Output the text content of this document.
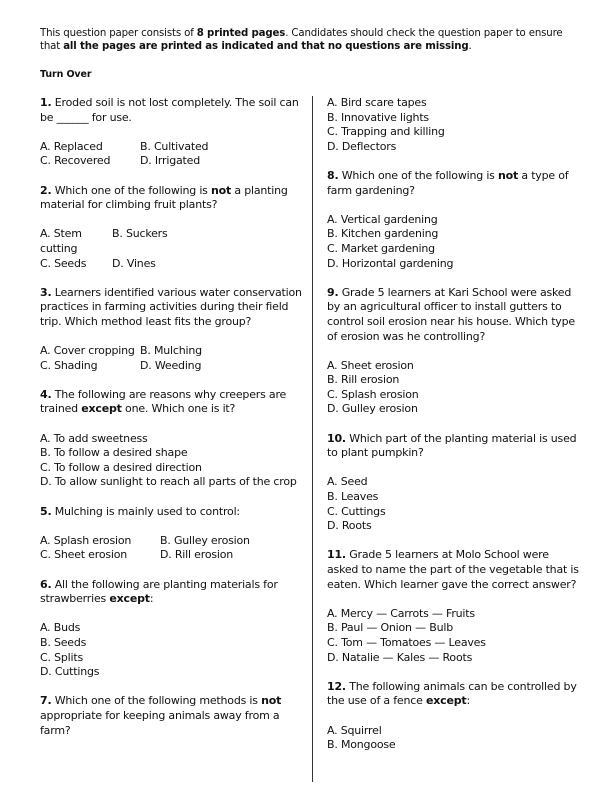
This question paper consists of 8 printed pages. Candidates should check the question paper to ensure that all the pages are printed as indicated and that no questions are missing.
Turn Over
1. Eroded soil is not lost completely. The soil can be ______ for use.
A. Replaced	B. Cultivated
C. Recovered	D. Irrigated
2. Which one of the following is not a planting material for climbing fruit plants?
A. Stem cutting
B. Suckers
C. Seeds	D. Vines
3. Learners identified various water conservation practices in farming activities during their field trip. Which method least fits the group?
A. Cover cropping B. Mulching
C. Shading	D. Weeding
4. The following are reasons why creepers are trained except one. Which one is it?
A. To add sweetness
B. To follow a desired shape
C. To follow a desired direction
D. To allow sunlight to reach all parts of the crop
5. Mulching is mainly used to control:
A. Splash erosion	B. Gulley erosion
C. Sheet erosion	D. Rill erosion
6. All the following are planting materials for strawberries except:
A. Buds
B. Seeds
C. Splits
D. Cuttings
7. Which one of the following methods is not appropriate for keeping animals away from a farm?
A. Bird scare tapes
B. Innovative lights
C. Trapping and killing
D. Deflectors
8. Which one of the following is not a type of farm gardening?
A. Vertical gardening
B. Kitchen gardening
C. Market gardening
D. Horizontal gardening
9. Grade 5 learners at Kari School were asked by an agricultural officer to install gutters to control soil erosion near his house. Which type of erosion was he controlling?
A. Sheet erosion
B. Rill erosion
C. Splash erosion
D. Gulley erosion
10. Which part of the planting material is used to plant pumpkin?
A. Seed
B. Leaves
C. Cuttings
D. Roots
11. Grade 5 learners at Molo School were asked to name the part of the vegetable that is eaten. Which learner gave the correct answer?
A. Mercy — Carrots — Fruits
B. Paul — Onion — Bulb
C. Tom — Tomatoes — Leaves
D. Natalie — Kales — Roots
12. The following animals can be controlled by the use of a fence except:
A. Squirrel
B. Mongoose
